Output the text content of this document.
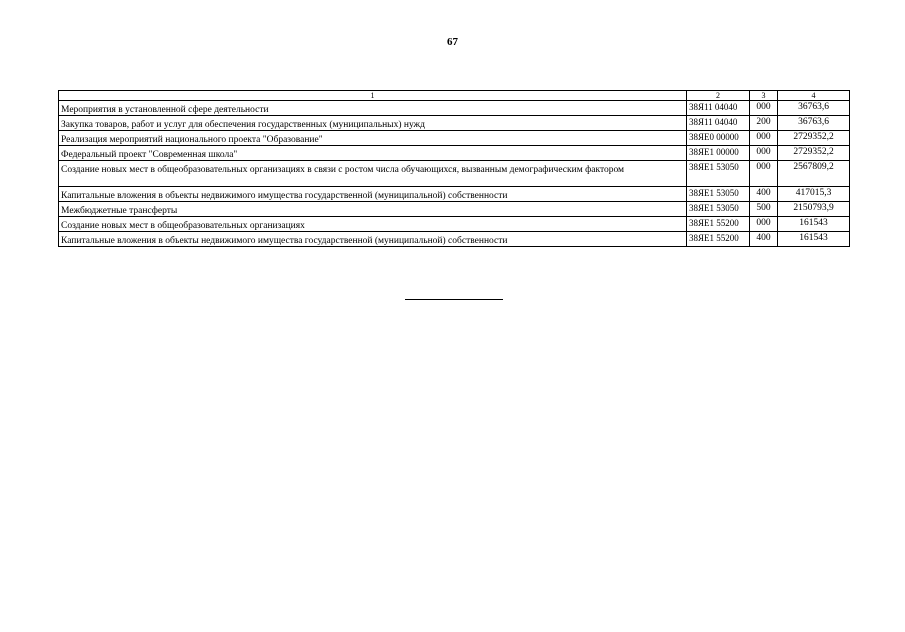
67
1	2	3	4
Мероприятия в установленной сфере деятельности	38Я11 04040	000	36763,6
Закупка товаров, работ и услуг для обеспечения государственных (муниципальных) нужд	38Я11 04040	200	36763,6
Реализация мероприятий национального проекта "Образование"	38ЯЕ0 00000	000	2729352,2
Федеральный проект "Современная школа"	38ЯЕ1 00000	000	2729352,2
Создание новых мест в общеобразовательных организациях в связи с ростом числа обучающихся, вызванным демографическим фактором	38ЯЕ1 53050	000	2567809,2
Капитальные вложения в объекты недвижимого имущества государственной (муниципальной) собственности	38ЯЕ1 53050	400	417015,3
Межбюджетные трансферты	38ЯЕ1 53050	500	2150793,9
Создание новых мест в общеобразовательных организациях	38ЯЕ1 55200	000	161543
Капитальные вложения в объекты недвижимого имущества государственной (муниципальной) собственности	38ЯЕ1 55200	400	161543
